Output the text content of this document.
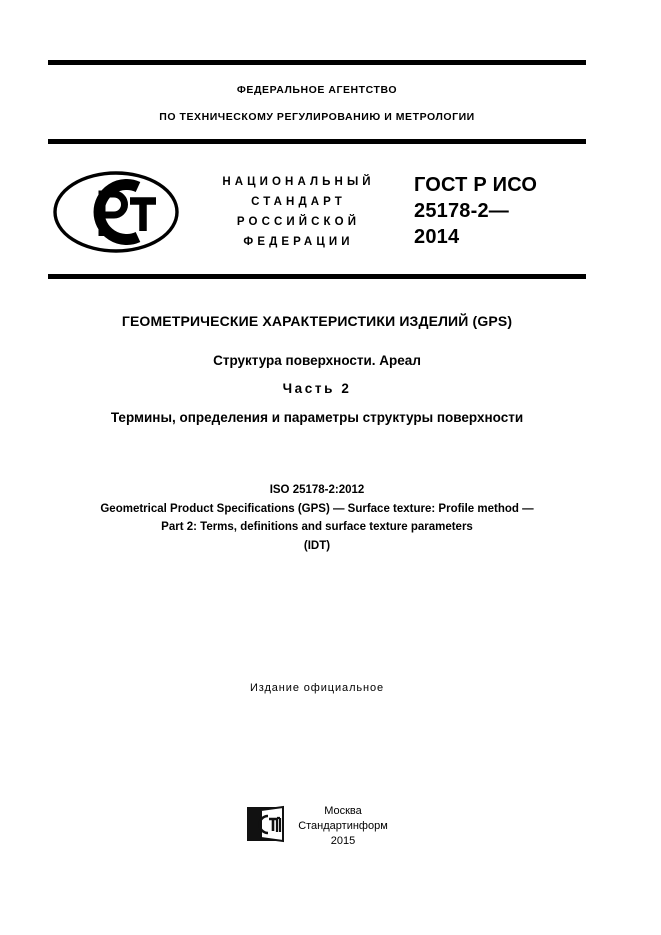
ФЕДЕРАЛЬНОЕ АГЕНТСТВО
ПО ТЕХНИЧЕСКОМУ РЕГУЛИРОВАНИЮ И МЕТРОЛОГИИ
НАЦИОНАЛЬНЫЙ
СТАНДАРТ
РОССИЙСКОЙ
ФЕДЕРАЦИИ
ГОСТ Р ИСО
25178-2—
2014
ГЕОМЕТРИЧЕСКИЕ ХАРАКТЕРИСТИКИ ИЗДЕЛИЙ (GPS)
Структура поверхности. Ареал
Часть 2
Термины, определения и параметры структуры поверхности
ISO 25178-2:2012
Geometrical Product Specifications (GPS) — Surface texture: Profile method —
Part 2: Terms, definitions and surface texture parameters
(IDT)
Издание официальное
Москва
Стандартинформ
2015
